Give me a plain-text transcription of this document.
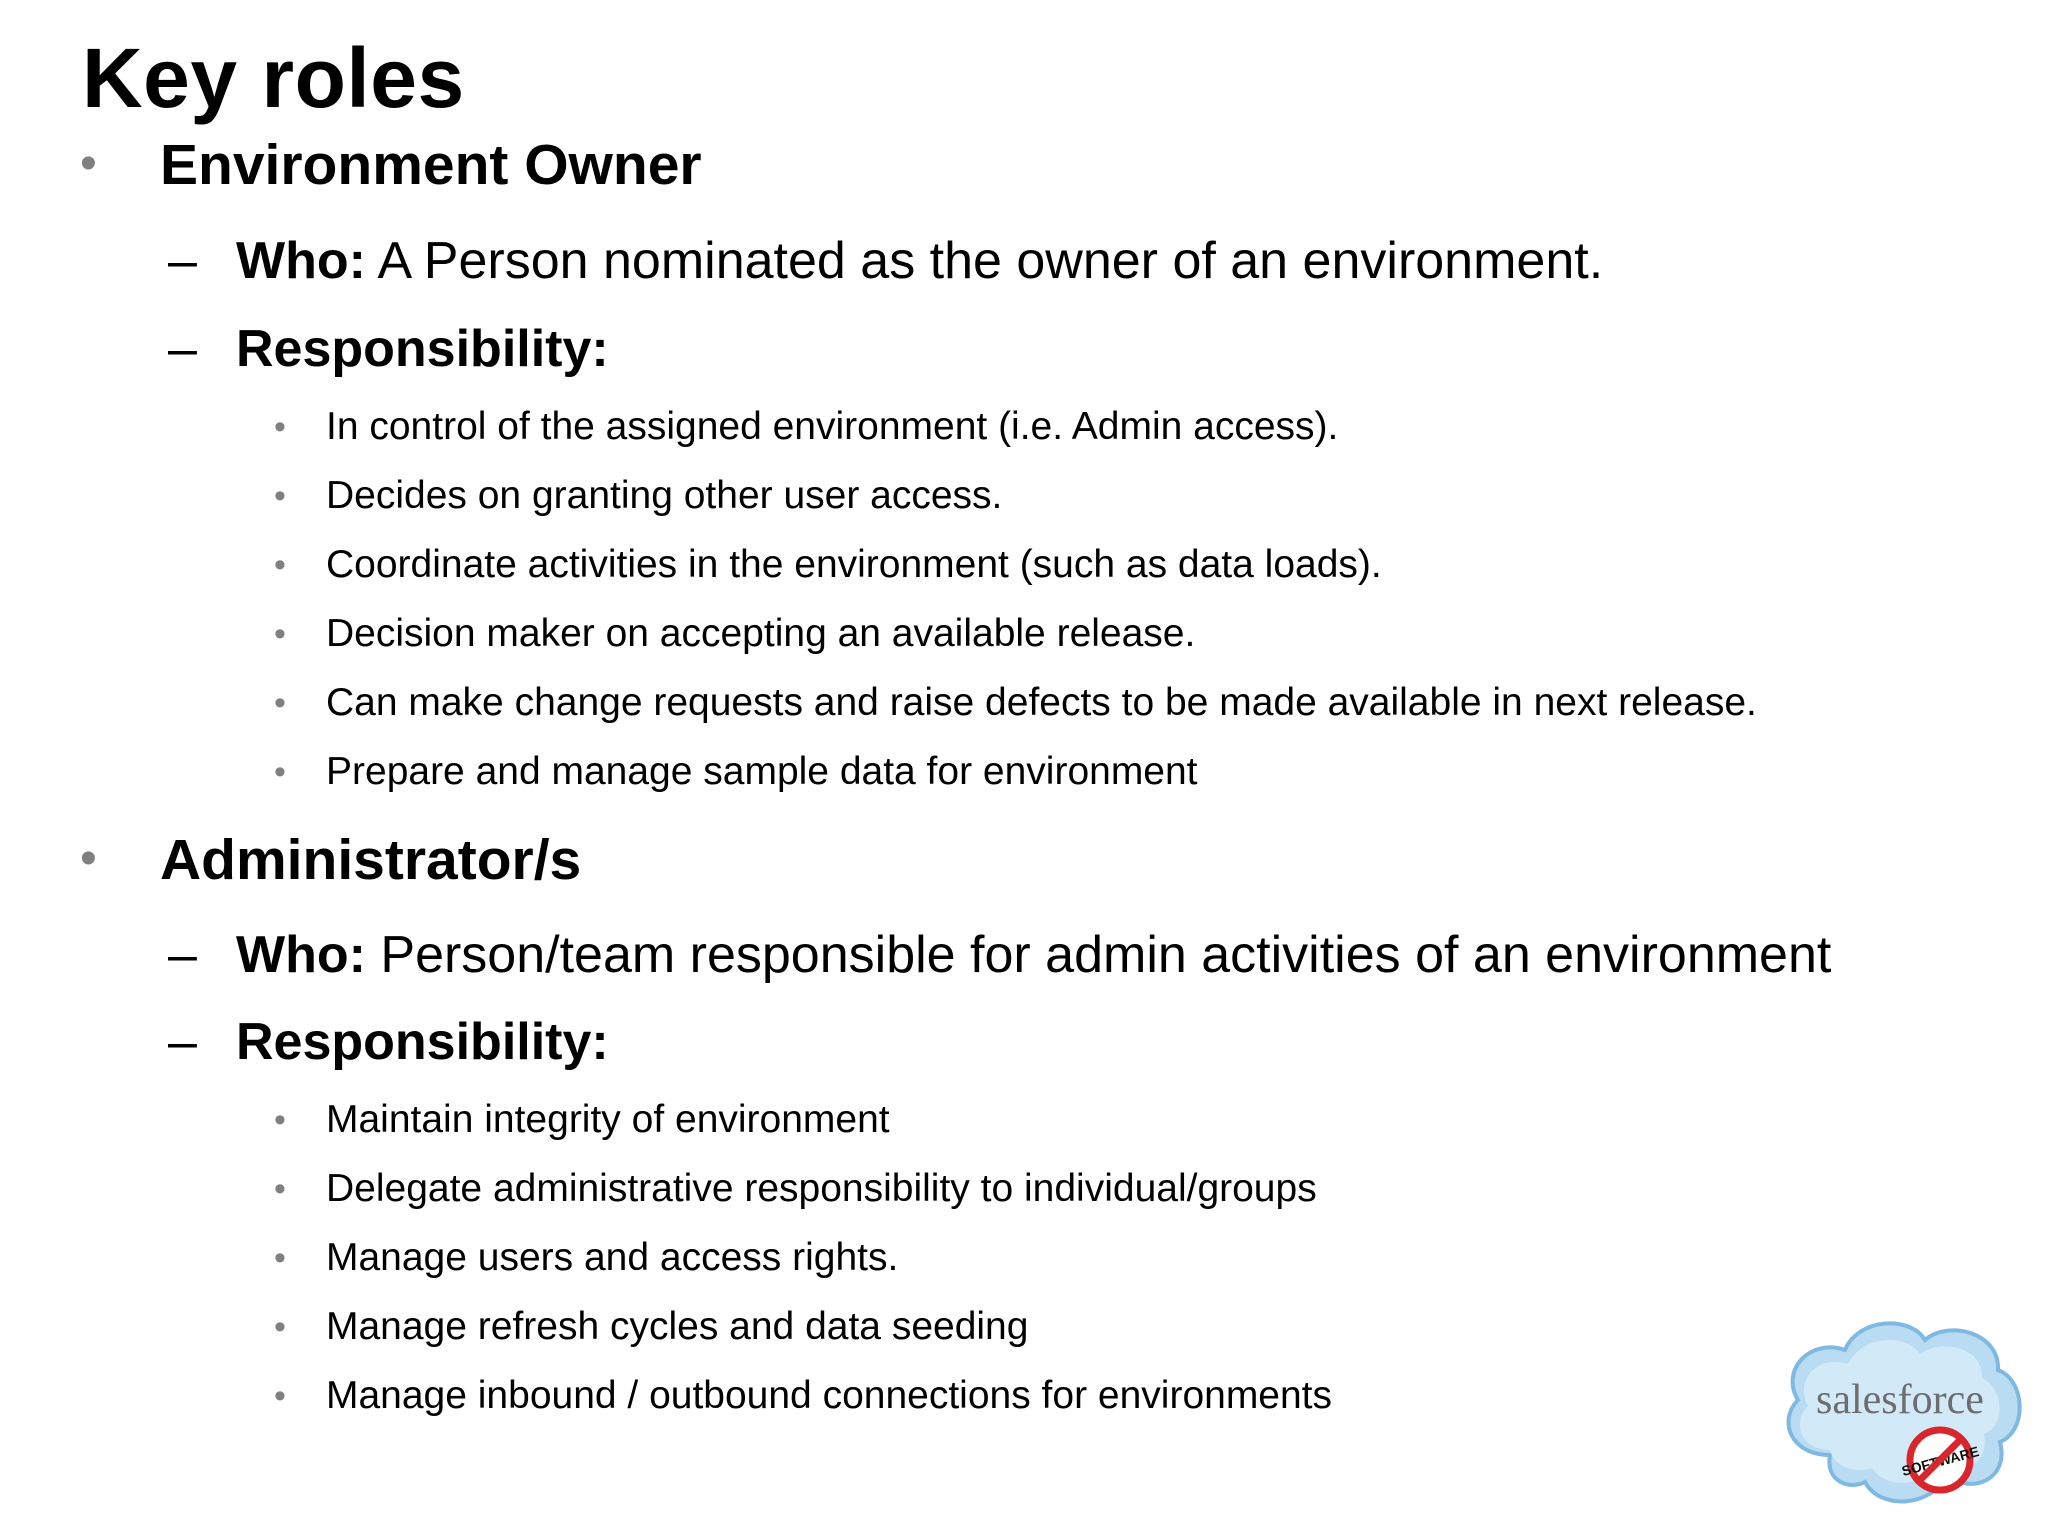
Key roles
• Environment Owner
– Who: A Person nominated as the owner of an environment.
– Responsibility:
• In control of the assigned environment (i.e. Admin access).
• Decides on granting other user access.
• Coordinate activities in the environment (such as data loads).
• Decision maker on accepting an available release.
• Can make change requests and raise defects to be made available in next release.
• Prepare and manage sample data for environment
• Administrator/s
– Who: Person/team responsible for admin activities of an environment
– Responsibility:
• Maintain integrity of environment
• Delegate administrative responsibility to individual/groups
• Manage users and access rights.
• Manage refresh cycles and data seeding
• Manage inbound / outbound connections for environments	salesforce
